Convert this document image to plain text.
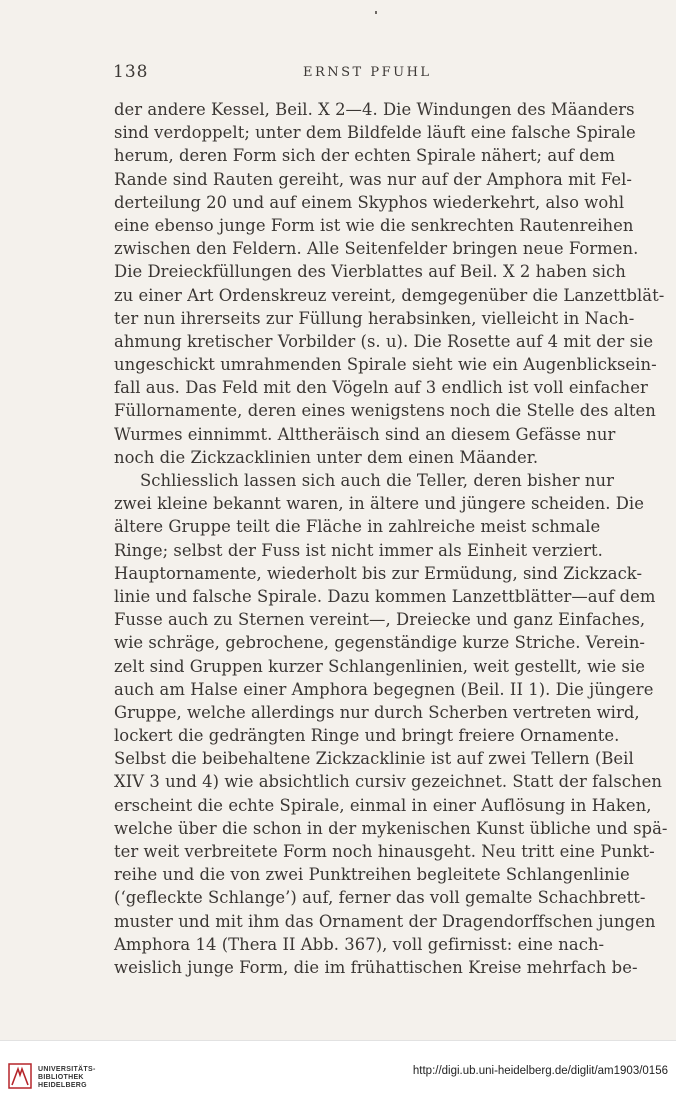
138	ERNST PFUHL
der andere Kessel, Beil. X 2—4. Die Windungen des Mäanders
sind verdoppelt; unter dem Bildfelde läuft eine falsche Spirale
herum, deren Form sich der echten Spirale nähert; auf dem
Rande sind Rauten gereiht, was nur auf der Amphora mit Fel-
derteilung 20 und auf einem Skyphos wiederkehrt, also wohl
eine ebenso junge Form ist wie die senkrechten Rautenreihen
zwischen den Feldern. Alle Seitenfelder bringen neue Formen.
Die Dreieckfüllungen des Vierblattes auf Beil. X 2 haben sich
zu einer Art Ordenskreuz vereint, demgegenüber die Lanzettblät-
ter nun ihrerseits zur Füllung herabsinken, vielleicht in Nach-
ahmung kretischer Vorbilder (s. u). Die Rosette auf 4 mit der sie
ungeschickt umrahmenden Spirale sieht wie ein Augenblicksein-
fall aus. Das Feld mit den Vögeln auf 3 endlich ist voll einfacher
Füllornamente, deren eines wenigstens noch die Stelle des alten
Wurmes einnimmt. Alttheräisch sind an diesem Gefässe nur
noch die Zickzacklinien unter dem einen Mäander.
Schliesslich lassen sich auch die Teller, deren bisher nur
zwei kleine bekannt waren, in ältere und jüngere scheiden. Die
ältere Gruppe teilt die Fläche in zahlreiche meist schmale
Ringe; selbst der Fuss ist nicht immer als Einheit verziert.
Hauptornamente, wiederholt bis zur Ermüdung, sind Zickzack-
linie und falsche Spirale. Dazu kommen Lanzettblätter—auf dem
Fusse auch zu Sternen vereint—, Dreiecke und ganz Einfaches,
wie schräge, gebrochene, gegenständige kurze Striche. Verein-
zelt sind Gruppen kurzer Schlangenlinien, weit gestellt, wie sie
auch am Halse einer Amphora begegnen (Beil. II 1). Die jüngere
Gruppe, welche allerdings nur durch Scherben vertreten wird,
lockert die gedrängten Ringe und bringt freiere Ornamente.
Selbst die beibehaltene Zickzacklinie ist auf zwei Tellern (Beil
XIV 3 und 4) wie absichtlich cursiv gezeichnet. Statt der falschen
erscheint die echte Spirale, einmal in einer Auflösung in Haken,
welche über die schon in der mykenischen Kunst übliche und spä-
ter weit verbreitete Form noch hinausgeht. Neu tritt eine Punkt-
reihe und die von zwei Punktreihen begleitete Schlangenlinie
(‘gefleckte Schlange’) auf, ferner das voll gemalte Schachbrett-
muster und mit ihm das Ornament der Dragendorffschen jungen
Amphora 14 (Thera II Abb. 367), voll gefirnisst: eine nach-
weislich junge Form, die im frühattischen Kreise mehrfach be-
UNIVERSITÄTS-
BIBLIOTHEK
HEIDELBERG
http://digi.ub.uni-heidelberg.de/diglit/am1903/0156
